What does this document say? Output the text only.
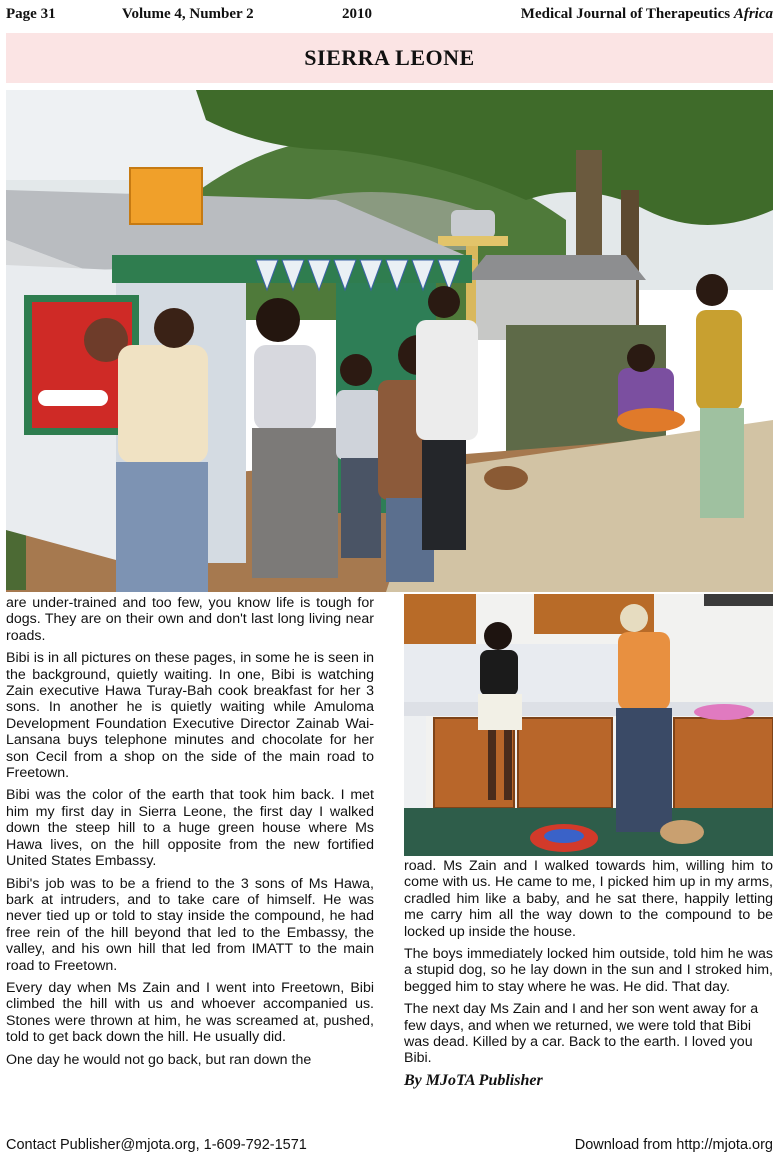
Page 31	Volume 4, Number 2	2010	Medical Journal of Therapeutics Africa
SIERRA LEONE

are under-trained and too few, you know life is tough for dogs. They are on their own and don't last long living near roads.

Bibi is in all pictures on these pages, in some he is seen in the background, quietly waiting. In one, Bibi is watching Zain executive Hawa Turay-Bah cook breakfast for her 3 sons. In another he is quietly waiting while Amuloma Development Foundation Executive Director Zainab Wai-Lansana buys telephone minutes and chocolate for her son Cecil from a shop on the side of the main road to Freetown.

Bibi was the color of the earth that took him back. I met him my first day in Sierra Leone, the first day I walked down the steep hill to a huge green house where Ms Hawa lives, on the hill opposite from the new fortified United States Embassy.

Bibi's job was to be a friend to the 3 sons of Ms Hawa, bark at intruders, and to take care of himself. He was never tied up or told to stay inside the compound, he had free rein of the hill beyond that led to the Embassy, the valley, and his own hill that led from IMATT to the main road to Freetown.

Every day when Ms Zain and I went into Freetown, Bibi climbed the hill with us and whoever accompanied us. Stones were thrown at him, he was screamed at, pushed, told to get back down the hill. He usually did.

One day he would not go back, but ran down the

road. Ms Zain and I walked towards him, willing him to come with us. He came to me, I picked him up in my arms, cradled him like a baby, and he sat there, happily letting me carry him all the way down to the compound to be locked up inside the house.

The boys immediately locked him outside, told him he was a stupid dog, so he lay down in the sun and I stroked him, begged him to stay where he was. He did. That day.

The next day Ms Zain and I and her son went away for a few days, and when we returned, we were told that Bibi was dead. Killed by a car. Back to the earth. I loved you Bibi.

By MJoTA Publisher
Contact Publisher@mjota.org, 1-609-792-1571	Download from http://mjota.org
